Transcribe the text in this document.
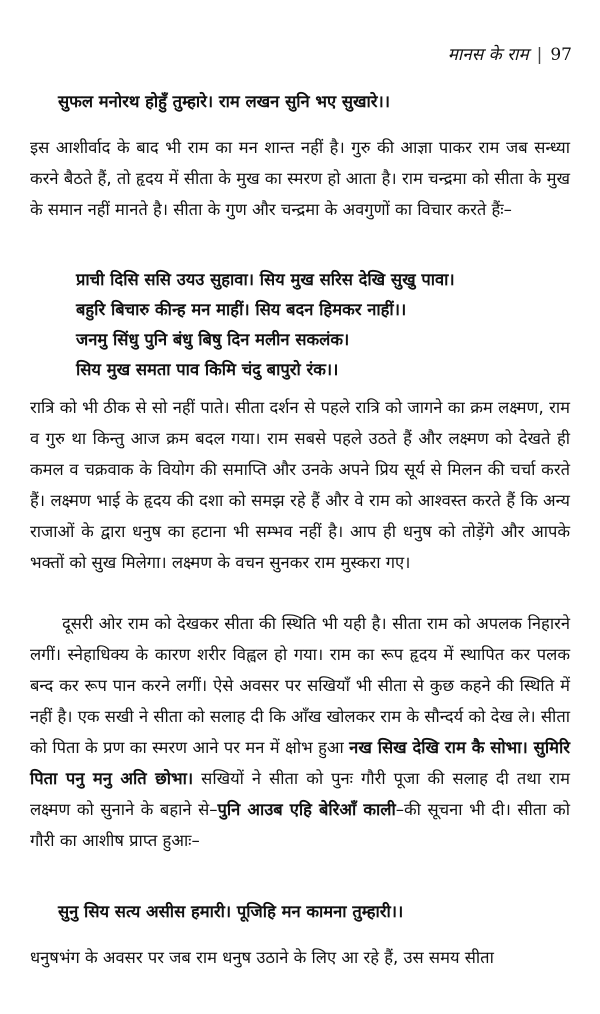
मानस के राम | 97
सुफल मनोरथ होहुँ तुम्हारे। राम लखन सुनि भए सुखारे।।
इस आशीर्वाद के बाद भी राम का मन शान्त नहीं है। गुरु की आज्ञा पाकर राम जब सन्ध्या करने बैठते हैं, तो हृदय में सीता के मुख का स्मरण हो आता है। राम चन्द्रमा को सीता के मुख के समान नहीं मानते है। सीता के गुण और चन्द्रमा के अवगुणों का विचार करते हैंः–
प्राची दिसि ससि उयउ सुहावा। सिय मुख सरिस देखि सुखु पावा।
बहुरि बिचारु कीन्ह मन माहीं। सिय बदन हिमकर नाहीं।।
जनमु सिंधु पुनि बंधु बिषु दिन मलीन सकलंक।
सिय मुख समता पाव किमि चंदु बापुरो रंक।।
रात्रि को भी ठीक से सो नहीं पाते। सीता दर्शन से पहले रात्रि को जागने का क्रम लक्ष्मण, राम व गुरु था किन्तु आज क्रम बदल गया। राम सबसे पहले उठते हैं और लक्ष्मण को देखते ही कमल व चक्रवाक के वियोग की समाप्ति और उनके अपने प्रिय सूर्य से मिलन की चर्चा करते हैं। लक्ष्मण भाई के हृदय की दशा को समझ रहे हैं और वे राम को आश्वस्त करते हैं कि अन्य राजाओं के द्वारा धनुष का हटाना भी सम्भव नहीं है। आप ही धनुष को तोड़ेंगे और आपके भक्तों को सुख मिलेगा। लक्ष्मण के वचन सुनकर राम मुस्करा गए।
दूसरी ओर राम को देखकर सीता की स्थिति भी यही है। सीता राम को अपलक निहारने लगीं। स्नेहाधिक्य के कारण शरीर विह्वल हो गया। राम का रूप हृदय में स्थापित कर पलक बन्द कर रूप पान करने लगीं। ऐसे अवसर पर सखियाँ भी सीता से कुछ कहने की स्थिति में नहीं है। एक सखी ने सीता को सलाह दी कि आँख खोलकर राम के सौन्दर्य को देख ले। सीता को पिता के प्रण का स्मरण आने पर मन में क्षोभ हुआ नख सिख देखि राम कै सोभा। सुमिरि पिता पनु मनु अति छोभा। सखियों ने सीता को पुनः गौरी पूजा की सलाह दी तथा राम लक्ष्मण को सुनाने के बहाने से–पुनि आउब एहि बेरिआँ काली–की सूचना भी दी। सीता को गौरी का आशीष प्राप्त हुआः–
सुनु सिय सत्य असीस हमारी। पूजिहि मन कामना तुम्हारी।।
धनुषभंग के अवसर पर जब राम धनुष उठाने के लिए आ रहे हैं, उस समय सीता
